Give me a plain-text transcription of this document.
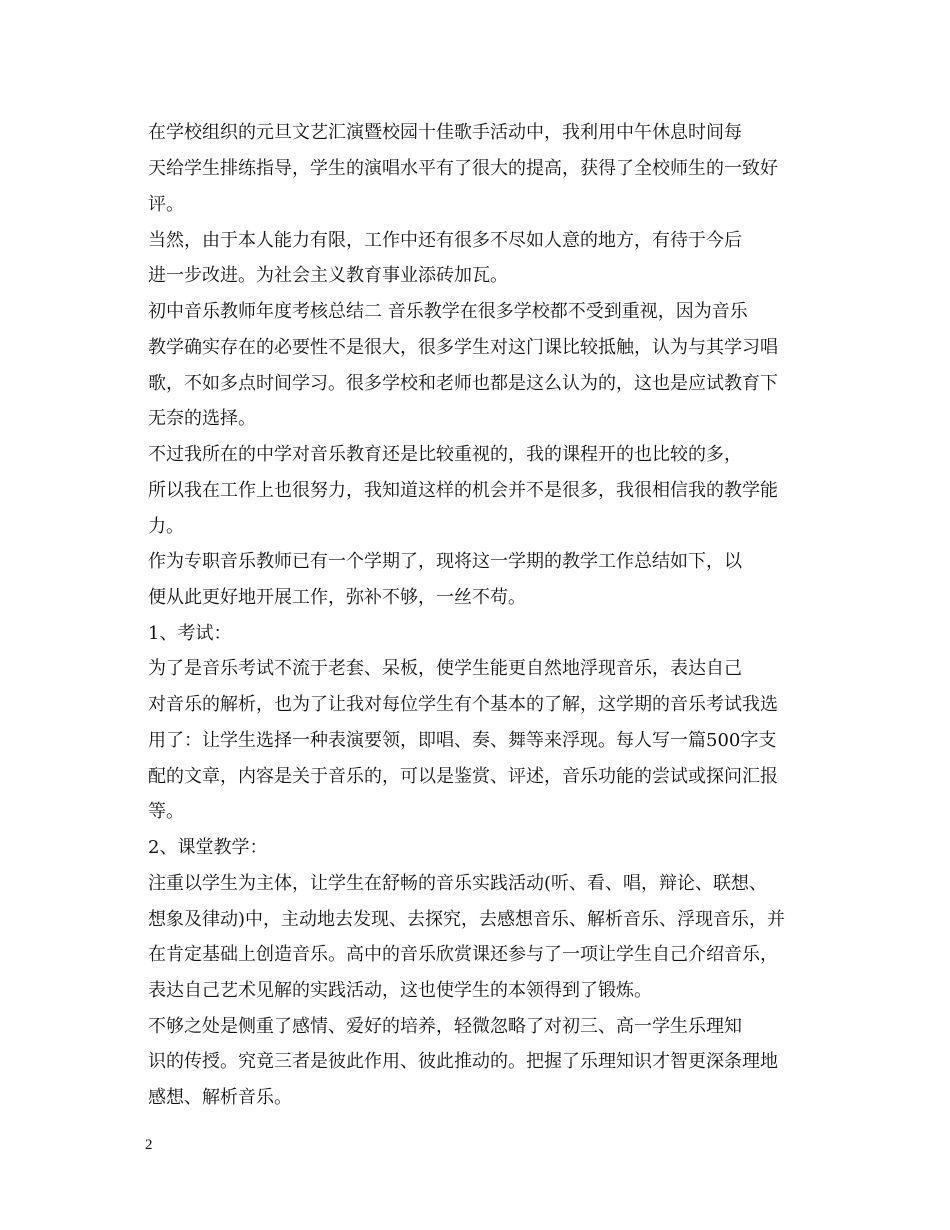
在学校组织的元旦文艺汇演暨校园十佳歌手活动中，我利用中午休息时间每
天给学生排练指导，学生的演唱水平有了很大的提高，获得了全校师生的一致好
评。
当然，由于本人能力有限，工作中还有很多不尽如人意的地方，有待于今后
进一步改进。为社会主义教育事业添砖加瓦。
初中音乐教师年度考核总结二 音乐教学在很多学校都不受到重视，因为音乐
教学确实存在的必要性不是很大，很多学生对这门课比较抵触，认为与其学习唱
歌，不如多点时间学习。很多学校和老师也都是这么认为的，这也是应试教育下
无奈的选择。
不过我所在的中学对音乐教育还是比较重视的，我的课程开的也比较的多，
所以我在工作上也很努力，我知道这样的机会并不是很多，我很相信我的教学能
力。
作为专职音乐教师已有一个学期了，现将这一学期的教学工作总结如下，以
便从此更好地开展工作，弥补不够，一丝不苟。
1、考试：
为了是音乐考试不流于老套、呆板，使学生能更自然地浮现音乐，表达自己
对音乐的解析，也为了让我对每位学生有个基本的了解，这学期的音乐考试我选
用了：让学生选择一种表演要领，即唱、奏、舞等来浮现。每人写一篇500字支
配的文章，内容是关于音乐的，可以是鉴赏、评述，音乐功能的尝试或探问汇报
等。
2、课堂教学：
注重以学生为主体，让学生在舒畅的音乐实践活动(听、看、唱，辩论、联想、
想象及律动)中，主动地去发现、去探究，去感想音乐、解析音乐、浮现音乐，并
在肯定基础上创造音乐。高中的音乐欣赏课还参与了一项让学生自己介绍音乐，
表达自己艺术见解的实践活动，这也使学生的本领得到了锻炼。
不够之处是侧重了感情、爱好的培养，轻微忽略了对初三、高一学生乐理知
识的传授。究竟三者是彼此作用、彼此推动的。把握了乐理知识才智更深条理地
感想、解析音乐。
2
